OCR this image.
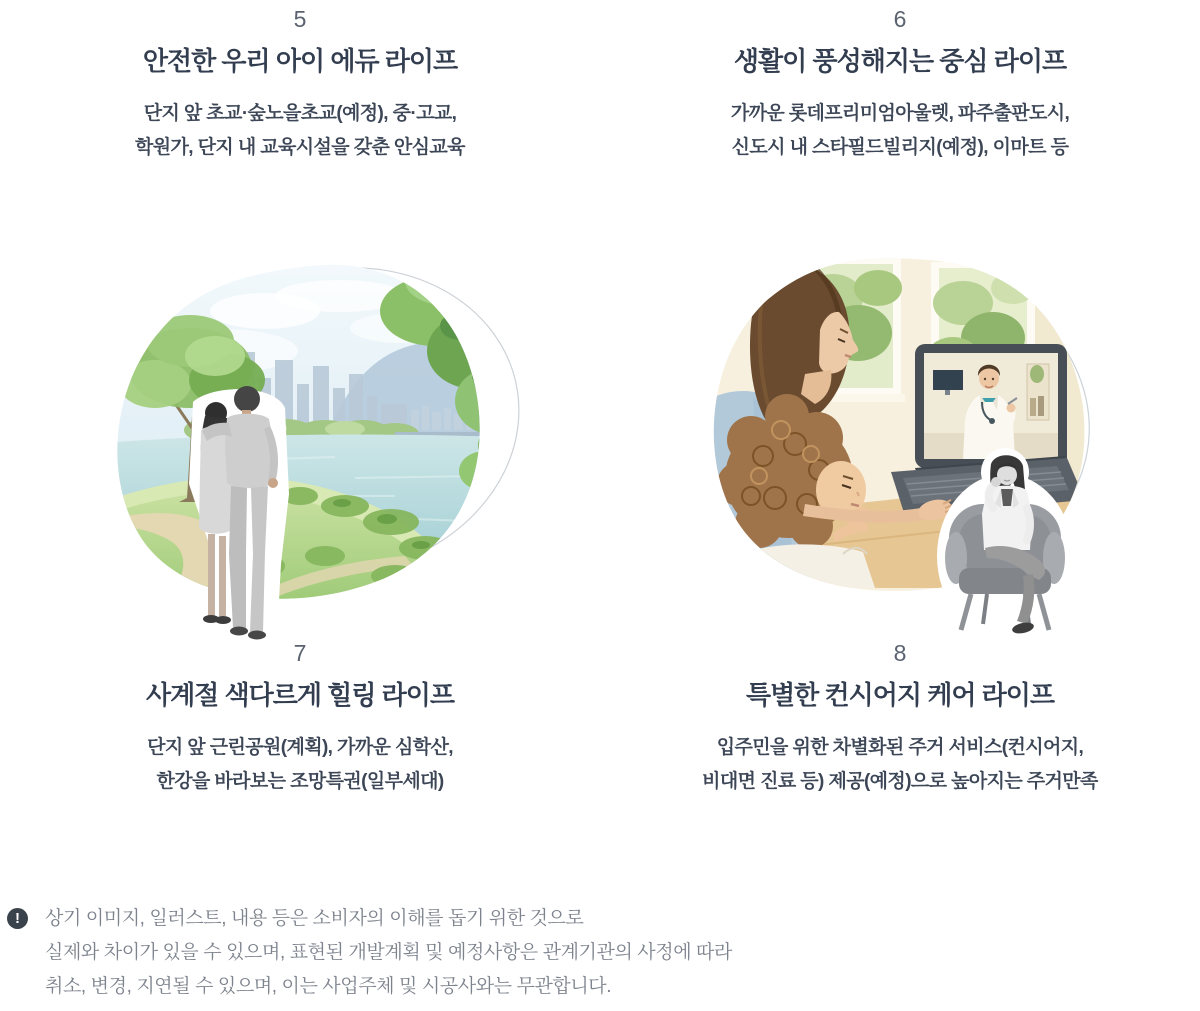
5
안전한 우리 아이 에듀 라이프

단지 앞 초교·숲노을초교(예정), 중·고교,
학원가, 단지 내 교육시설을 갖춘 안심교육

6
생활이 풍성해지는 중심 라이프

가까운 롯데프리미엄아울렛, 파주출판도시,
신도시 내 스타필드빌리지(예정), 이마트 등

7
사계절 색다르게 힐링 라이프

단지 앞 근린공원(계획), 가까운 심학산,
한강을 바라보는 조망특권(일부세대)

8
특별한 컨시어지 케어 라이프

입주민을 위한 차별화된 주거 서비스(컨시어지,
비대면 진료 등) 제공(예정)으로 높아지는 주거만족

!	상기 이미지, 일러스트, 내용 등은 소비자의 이해를 돕기 위한 것으로
실제와 차이가 있을 수 있으며, 표현된 개발계획 및 예정사항은 관계기관의 사정에 따라
취소, 변경, 지연될 수 있으며, 이는 사업주체 및 시공사와는 무관합니다.
